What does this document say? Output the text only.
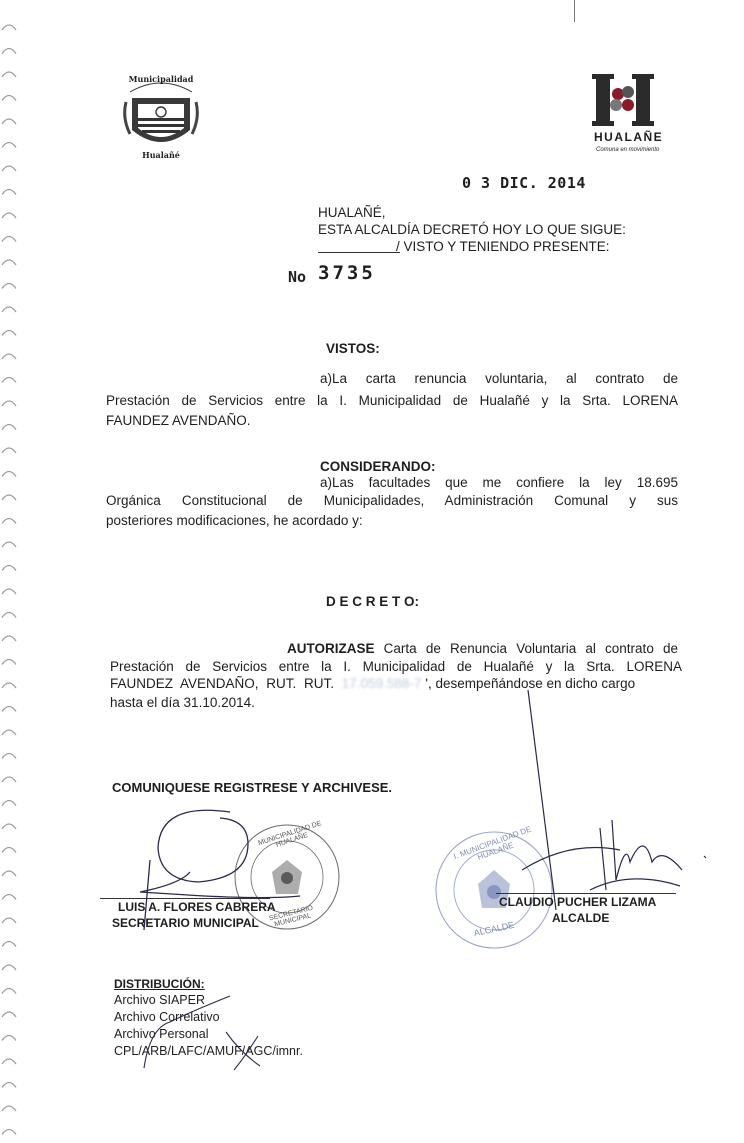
Municipalidad
Hualañé
HUALAÑE
Comuna en movimiento
0 3 DIC. 2014
HUALAÑÉ,
ESTA ALCALDÍA DECRETÓ HOY LO QUE SIGUE:
/ VISTO Y TENIENDO PRESENTE:
No 3735
VISTOS:
a)La carta renuncia voluntaria, al contrato de
Prestación de Servicios entre la I. Municipalidad de Hualañé y la Srta. LORENA
FAUNDEZ AVENDAÑO.
CONSIDERANDO:
a)Las facultades que me confiere la ley 18.695
Orgánica Constitucional de Municipalidades, Administración Comunal y sus
posteriores modificaciones, he acordado y:
D E C R E T O:
AUTORIZASE Carta de Renuncia Voluntaria al contrato de
Prestación de Servicios entre la I. Municipalidad de Hualañé y la Srta. LORENA
FAUNDEZ AVENDAÑO, RUT. RUT. 17.059.588-7 ', desempeñándose en dicho cargo
hasta el día 31.10.2014.
COMUNIQUESE REGISTRESE Y ARCHIVESE.
MUNICIPALIDAD DE HUALAÑE
SECRETARIO MUNICIPAL
I. MUNICIPALIDAD DE HUALAÑE
ALCALDE
LUIS A. FLORES CABRERA
SECRETARIO MUNICIPAL
CLAUDIO PUCHER LIZAMA
ALCALDE
DISTRIBUCIÓN:
Archivo SIAPER
Archivo Correlativo
Archivo Personal
CPL/ARB/LAFC/AMUF/AGC/imnr.
